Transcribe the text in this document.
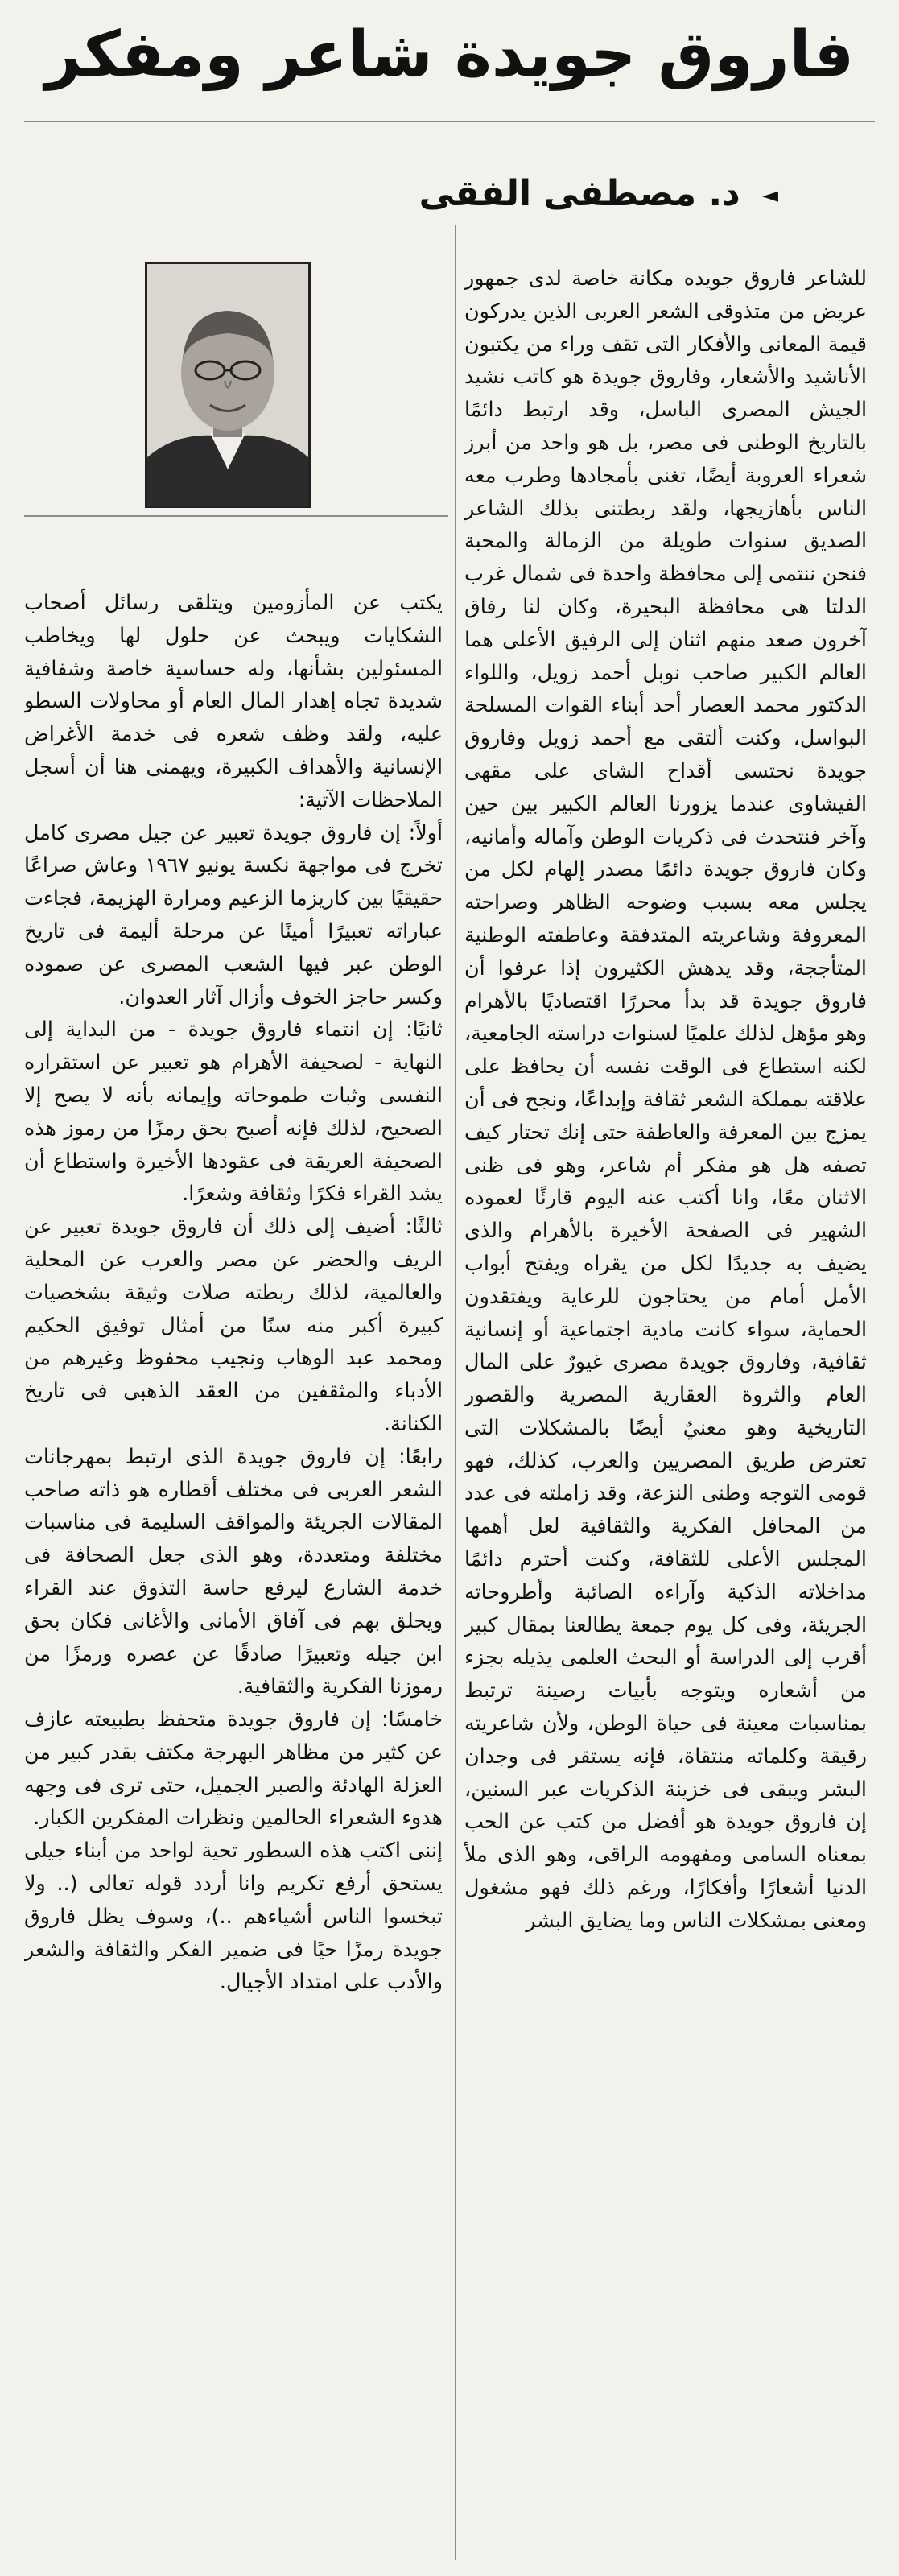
فاروق جويدة شاعر ومفكر
◄ د. مصطفى الفقى

للشاعر فاروق جويده مكانة خاصة لدى جمهور عريض من متذوقى الشعر العربى الذين يدركون قيمة المعانى والأفكار التى تقف وراء من يكتبون الأناشيد والأشعار، وفاروق جويدة هو كاتب نشيد الجيش المصرى الباسل، وقد ارتبط دائمًا بالتاريخ الوطنى فى مصر، بل هو واحد من أبرز شعراء العروبة أيضًا، تغنى بأمجادها وطرب معه الناس بأهازيجها، ولقد ربطتنى بذلك الشاعر الصديق سنوات طويلة من الزمالة والمحبة فنحن ننتمى إلى محافظة واحدة فى شمال غرب الدلتا هى محافظة البحيرة، وكان لنا رفاق آخرون صعد منهم اثنان إلى الرفيق الأعلى هما العالم الكبير صاحب نوبل أحمد زويل، واللواء الدكتور محمد العصار أحد أبناء القوات المسلحة البواسل، وكنت ألتقى مع أحمد زويل وفاروق جويدة نحتسى أقداح الشاى على مقهى الفيشاوى عندما يزورنا العالم الكبير بين حين وآخر فنتحدث فى ذكريات الوطن وآماله وأمانيه، وكان فاروق جويدة دائمًا مصدر إلهام لكل من يجلس معه بسبب وضوحه الظاهر وصراحته المعروفة وشاعريته المتدفقة وعاطفته الوطنية المتأججة، وقد يدهش الكثيرون إذا عرفوا أن فاروق جويدة قد بدأ محررًا اقتصاديًا بالأهرام وهو مؤهل لذلك علميًا لسنوات دراسته الجامعية، لكنه استطاع فى الوقت نفسه أن يحافظ على علاقته بمملكة الشعر ثقافة وإبداعًا، ونجح فى أن يمزج بين المعرفة والعاطفة حتى إنك تحتار كيف تصفه هل هو مفكر أم شاعر، وهو فى ظنى الاثنان معًا، وانا أكتب عنه اليوم قارئًا لعموده الشهير فى الصفحة الأخيرة بالأهرام والذى يضيف به جديدًا لكل من يقراه ويفتح أبواب الأمل أمام من يحتاجون للرعاية ويفتقدون الحماية، سواء كانت مادية اجتماعية أو إنسانية ثقافية، وفاروق جويدة مصرى غيورٌ على المال العام والثروة العقارية المصرية والقصور التاريخية وهو معنيٌ أيضًا بالمشكلات التى تعترض طريق المصريين والعرب، كذلك، فهو قومى التوجه وطنى النزعة، وقد زاملته فى عدد من المحافل الفكرية والثقافية لعل أهمها المجلس الأعلى للثقافة، وكنت أحترم دائمًا مداخلاته الذكية وآراءه الصائبة وأطروحاته الجريئة، وفى كل يوم جمعة يطالعنا بمقال كبير أقرب إلى الدراسة أو البحث العلمى يذيله بجزء من أشعاره ويتوجه بأبيات رصينة ترتبط بمناسبات معينة فى حياة الوطن، ولأن شاعريته رقيقة وكلماته منتقاة، فإنه يستقر فى وجدان البشر ويبقى فى خزينة الذكريات عبر السنين، إن فاروق جويدة هو أفضل من كتب عن الحب بمعناه السامى ومفهومه الراقى، وهو الذى ملأ الدنيا أشعارًا وأفكارًا، ورغم ذلك فهو مشغول ومعنى بمشكلات الناس وما يضايق البشر

يكتب عن المأزومين ويتلقى رسائل أصحاب الشكايات ويبحث عن حلول لها ويخاطب المسئولين بشأنها، وله حساسية خاصة وشفافية شديدة تجاه إهدار المال العام أو محاولات السطو عليه، ولقد وظف شعره فى خدمة الأغراض الإنسانية والأهداف الكبيرة، ويهمنى هنا أن أسجل الملاحظات الآتية:

أولاً: إن فاروق جويدة تعبير عن جيل مصرى كامل تخرج فى مواجهة نكسة يونيو ١٩٦٧ وعاش صراعًا حقيقيًا بين كاريزما الزعيم ومرارة الهزيمة، فجاءت عباراته تعبيرًا أمينًا عن مرحلة أليمة فى تاريخ الوطن عبر فيها الشعب المصرى عن صموده وكسر حاجز الخوف وأزال آثار العدوان.

ثانيًا: إن انتماء فاروق جويدة - من البداية إلى النهاية - لصحيفة الأهرام هو تعبير عن استقراره النفسى وثبات طموحاته وإيمانه بأنه لا يصح إلا الصحيح، لذلك فإنه أصبح بحق رمزًا من رموز هذه الصحيفة العريقة فى عقودها الأخيرة واستطاع أن يشد القراء فكرًا وثقافة وشعرًا.

ثالثًا: أضيف إلى ذلك أن فاروق جويدة تعبير عن الريف والحضر عن مصر والعرب عن المحلية والعالمية، لذلك ربطته صلات وثيقة بشخصيات كبيرة أكبر منه سنًا من أمثال توفيق الحكيم ومحمد عبد الوهاب ونجيب محفوظ وغيرهم من الأدباء والمثقفين من العقد الذهبى فى تاريخ الكنانة.

رابعًا: إن فاروق جويدة الذى ارتبط بمهرجانات الشعر العربى فى مختلف أقطاره هو ذاته صاحب المقالات الجريئة والمواقف السليمة فى مناسبات مختلفة ومتعددة، وهو الذى جعل الصحافة فى خدمة الشارع ليرفع حاسة التذوق عند القراء ويحلق بهم فى آفاق الأمانى والأغانى فكان بحق ابن جيله وتعبيرًا صادقًا عن عصره ورمزًا من رموزنا الفكرية والثقافية.

خامسًا: إن فاروق جويدة متحفظ بطبيعته عازف عن كثير من مظاهر البهرجة مكتف بقدر كبير من العزلة الهادئة والصبر الجميل، حتى ترى فى وجهه هدوء الشعراء الحالمين ونظرات المفكرين الكبار.

إننى اكتب هذه السطور تحية لواحد من أبناء جيلى يستحق أرفع تكريم وانا أردد قوله تعالى (.. ولا تبخسوا الناس أشياءهم ..)، وسوف يظل فاروق جويدة رمزًا حيًا فى ضمير الفكر والثقافة والشعر والأدب على امتداد الأجيال.
